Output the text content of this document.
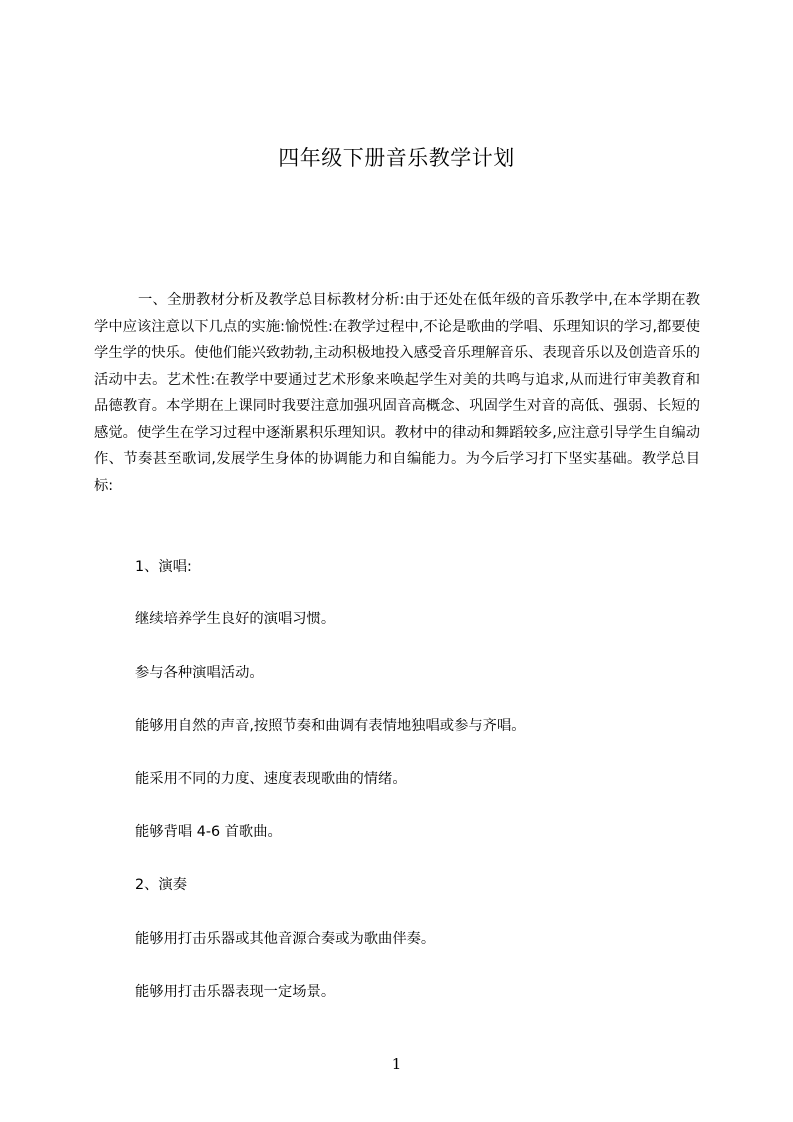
四年级下册音乐教学计划

一、全册教材分析及教学总目标教材分析:由于还处在低年级的音乐教学中,在本学期在教学中应该注意以下几点的实施:愉悦性:在教学过程中,不论是歌曲的学唱、乐理知识的学习,都要使学生学的快乐。使他们能兴致勃勃,主动积极地投入感受音乐理解音乐、表现音乐以及创造音乐的活动中去。艺术性:在教学中要通过艺术形象来唤起学生对美的共鸣与追求,从而进行审美教育和品德教育。本学期在上课同时我要注意加强巩固音高概念、巩固学生对音的高低、强弱、长短的感觉。使学生在学习过程中逐渐累积乐理知识。教材中的律动和舞蹈较多,应注意引导学生自编动作、节奏甚至歌词,发展学生身体的协调能力和自编能力。为今后学习打下坚实基础。教学总目标:

1、演唱:

继续培养学生良好的演唱习惯。

参与各种演唱活动。

能够用自然的声音,按照节奏和曲调有表情地独唱或参与齐唱。

能采用不同的力度、速度表现歌曲的情绪。

能够背唱 4-6 首歌曲。

2、演奏

能够用打击乐器或其他音源合奏或为歌曲伴奏。

能够用打击乐器表现一定场景。

1
